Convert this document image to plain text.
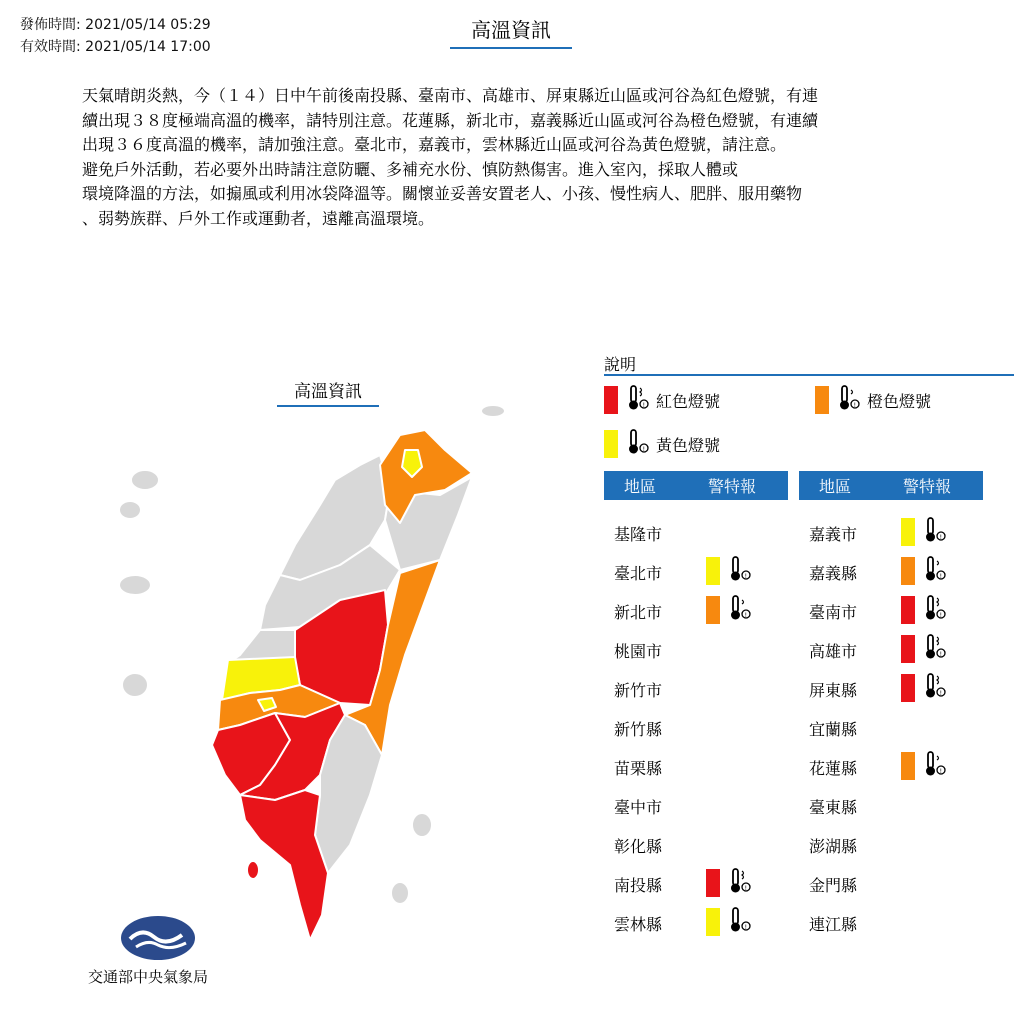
發佈時間: 2021/05/14 05:29
有效時間: 2021/05/14 17:00
高溫資訊
天氣晴朗炎熱，今（１４）日中午前後南投縣、臺南市、高雄市、屏東縣近山區或河谷為紅色燈號，有連
續出現３８度極端高溫的機率，請特別注意。花蓮縣，新北市，嘉義縣近山區或河谷為橙色燈號，有連續
出現３６度高溫的機率，請加強注意。臺北市，嘉義市，雲林縣近山區或河谷為黃色燈號，請注意。
避免戶外活動，若必要外出時請注意防曬、多補充水份、慎防熱傷害。進入室內，採取人體或
環境降溫的方法，如搧風或利用冰袋降溫等。關懷並妥善安置老人、小孩、慢性病人、肥胖、服用藥物
、弱勢族群、戶外工作或運動者，遠離高溫環境。
高溫資訊
交通部中央氣象局
說明
! 紅色燈號	! 橙色燈號
! 黃色燈號
地區	警特報	地區	警特報
基隆市
臺北市	!
新北市	!
桃園市
新竹市
新竹縣
苗栗縣
臺中市
彰化縣
南投縣	!
雲林縣	!
嘉義市	!
嘉義縣	!
臺南市	!
高雄市	!
屏東縣	!
宜蘭縣
花蓮縣	!
臺東縣
澎湖縣
金門縣
連江縣
